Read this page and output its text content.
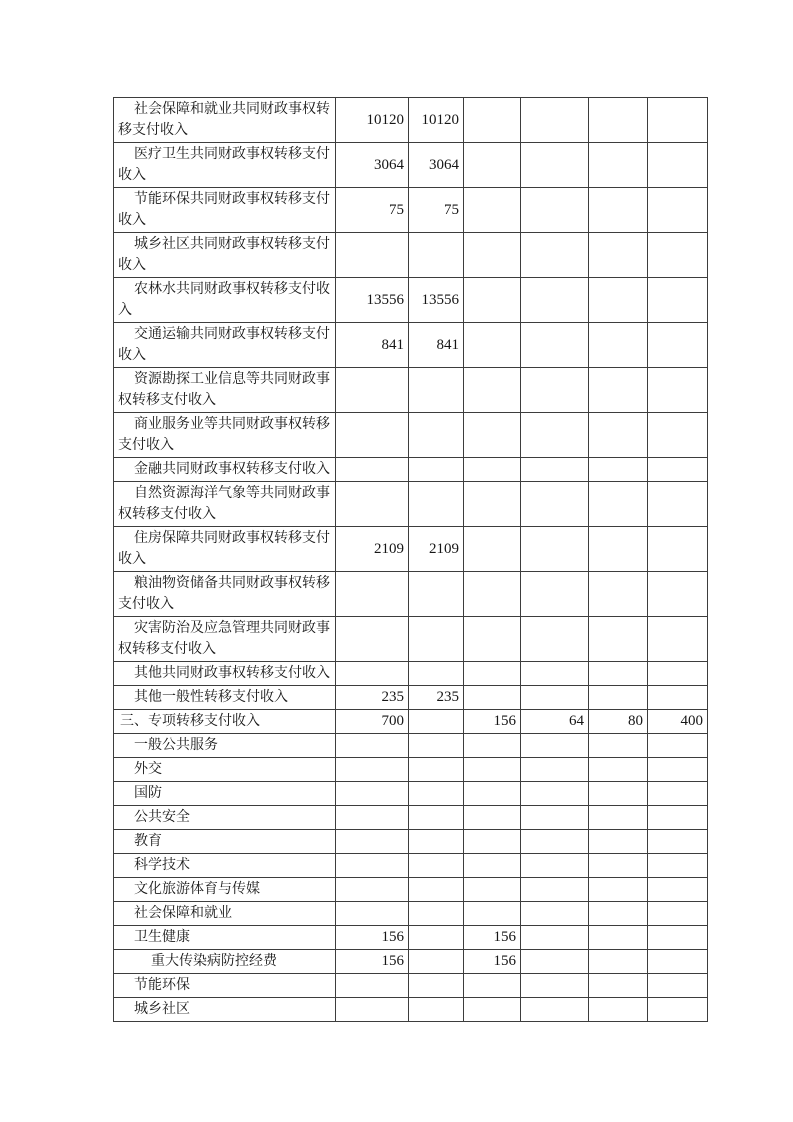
社会保障和就业共同财政事权转移支付收入	10120	10120				
医疗卫生共同财政事权转移支付收入	3064	3064				
节能环保共同财政事权转移支付收入	75	75				
城乡社区共同财政事权转移支付收入						
农林水共同财政事权转移支付收入	13556	13556				
交通运输共同财政事权转移支付收入	841	841				
资源勘探工业信息等共同财政事权转移支付收入						
商业服务业等共同财政事权转移支付收入						
金融共同财政事权转移支付收入						
自然资源海洋气象等共同财政事权转移支付收入						
住房保障共同财政事权转移支付收入	2109	2109				
粮油物资储备共同财政事权转移支付收入						
灾害防治及应急管理共同财政事权转移支付收入						
其他共同财政事权转移支付收入						
其他一般性转移支付收入	235	235				
三、专项转移支付收入	700		156	64	80	400
一般公共服务						
外交						
国防						
公共安全						
教育						
科学技术						
文化旅游体育与传媒						
社会保障和就业						
卫生健康	156		156			
重大传染病防控经费	156		156			
节能环保						
城乡社区						
